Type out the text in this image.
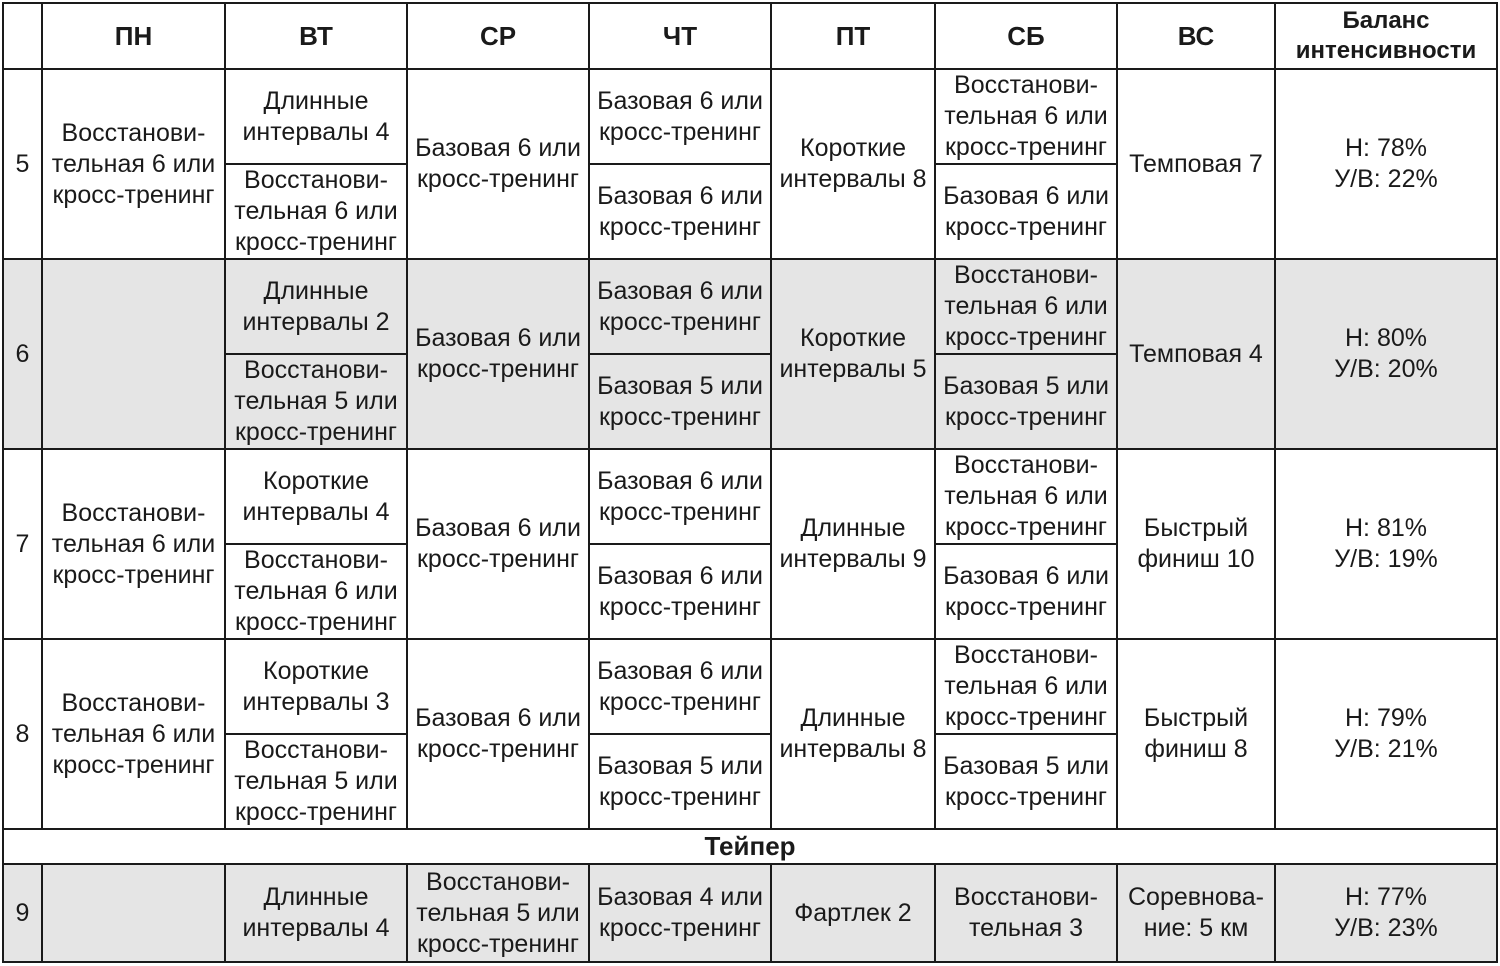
	ПН	ВТ	СР	ЧТ	ПТ	СБ	ВС	Баланс
интенсивности
5	Восстанови-
тельная 6 или
кросс-тренинг	Длинные
интервалы 4	Базовая 6 или
кросс-тренинг	Базовая 6 или
кросс-тренинг	Короткие
интервалы 8	Восстанови-
тельная 6 или
кросс-тренинг	Темповая 7	Н: 78%
У/В: 22%
		Восстанови-
тельная 6 или
кросс-тренинг		Базовая 6 или
кросс-тренинг		Базовая 6 или
кросс-тренинг		
6		Длинные
интервалы 2	Базовая 6 или
кросс-тренинг	Базовая 6 или
кросс-тренинг	Короткие
интервалы 5	Восстанови-
тельная 6 или
кросс-тренинг	Темповая 4	Н: 80%
У/В: 20%
		Восстанови-
тельная 5 или
кросс-тренинг		Базовая 5 или
кросс-тренинг		Базовая 5 или
кросс-тренинг		
7	Восстанови-
тельная 6 или
кросс-тренинг	Короткие
интервалы 4	Базовая 6 или
кросс-тренинг	Базовая 6 или
кросс-тренинг	Длинные
интервалы 9	Восстанови-
тельная 6 или
кросс-тренинг	Быстрый
финиш 10	Н: 81%
У/В: 19%
		Восстанови-
тельная 6 или
кросс-тренинг		Базовая 6 или
кросс-тренинг		Базовая 6 или
кросс-тренинг		
8	Восстанови-
тельная 6 или
кросс-тренинг	Короткие
интервалы 3	Базовая 6 или
кросс-тренинг	Базовая 6 или
кросс-тренинг	Длинные
интервалы 8	Восстанови-
тельная 6 или
кросс-тренинг	Быстрый
финиш 8	Н: 79%
У/В: 21%
		Восстанови-
тельная 5 или
кросс-тренинг		Базовая 5 или
кросс-тренинг		Базовая 5 или
кросс-тренинг		
Тейпер								
9		Длинные
интервалы 4	Восстанови-
тельная 5 или
кросс-тренинг	Базовая 4 или
кросс-тренинг	Фартлек 2	Восстанови-
тельная 3	Соревнова-
ние: 5 км	Н: 77%
У/В: 23%
